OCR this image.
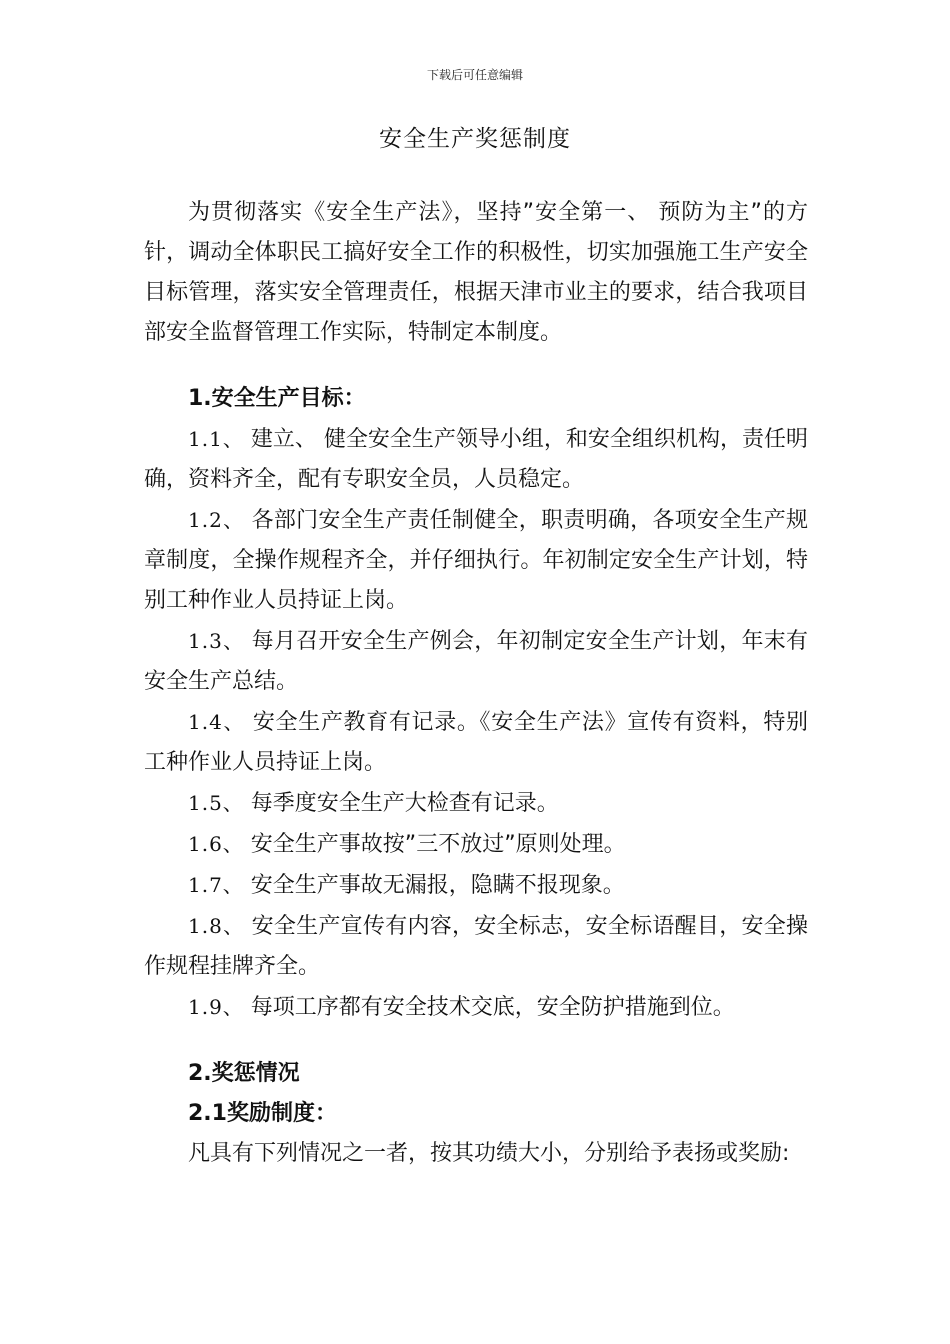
下载后可任意编辑
安全生产奖惩制度

为贯彻落实《安全生产法》，坚持”安全第一、 预防为主”的方针，调动全体职民工搞好安全工作的积极性，切实加强施工生产安全目标管理，落实安全管理责任，根据天津市业主的要求，结合我项目部安全监督管理工作实际，特制定本制度。

1.安全生产目标：

1.1、 建立、 健全安全生产领导小组，和安全组织机构，责任明确，资料齐全，配有专职安全员，人员稳定。

1.2、 各部门安全生产责任制健全，职责明确，各项安全生产规章制度，全操作规程齐全，并仔细执行。年初制定安全生产计划，特别工种作业人员持证上岗。

1.3、 每月召开安全生产例会，年初制定安全生产计划，年末有安全生产总结。

1.4、 安全生产教育有记录。《安全生产法》宣传有资料，特别工种作业人员持证上岗。

1.5、 每季度安全生产大检查有记录。

1.6、 安全生产事故按”三不放过”原则处理。

1.7、 安全生产事故无漏报，隐瞒不报现象。

1.8、 安全生产宣传有内容，安全标志，安全标语醒目，安全操作规程挂牌齐全。

1.9、 每项工序都有安全技术交底，安全防护措施到位。

2.奖惩情况

2.1奖励制度：

凡具有下列情况之一者，按其功绩大小，分别给予表扬或奖励:
